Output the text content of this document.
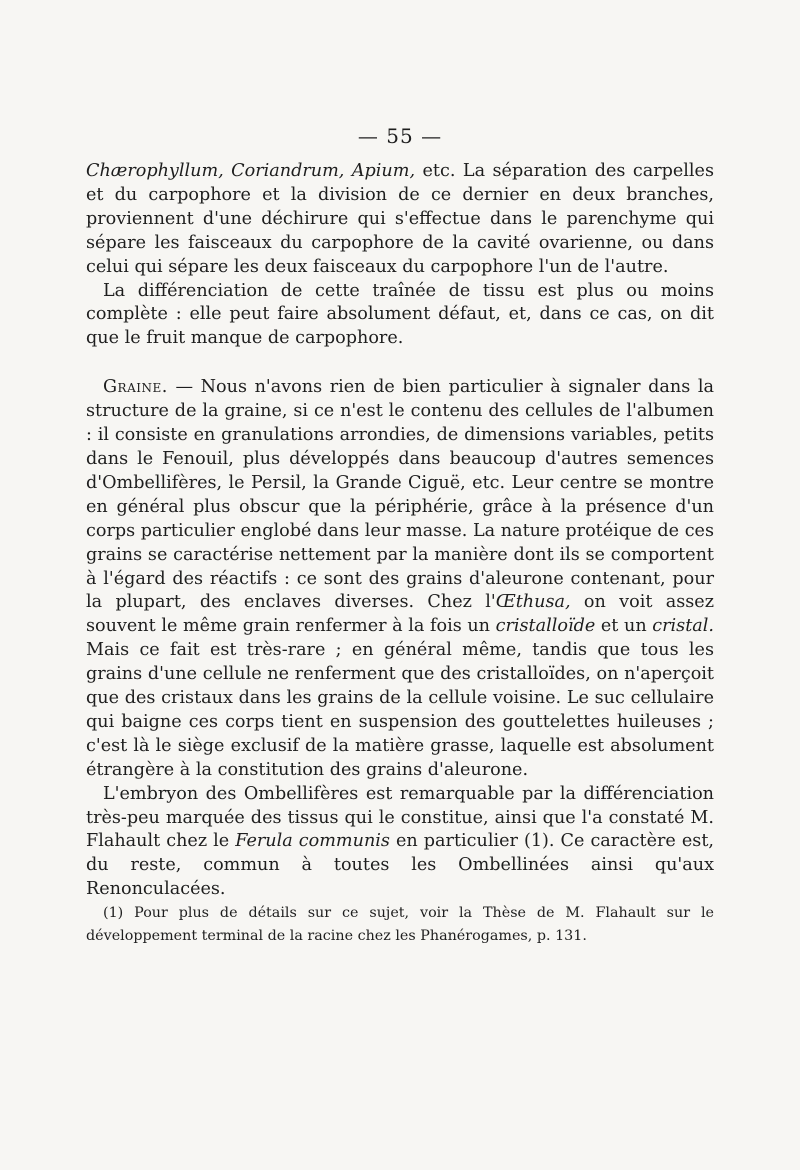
— 55 —

Chærophyllum, Coriandrum, Apium, etc. La séparation des carpelles et du carpophore et la division de ce dernier en deux branches, proviennent d'une déchirure qui s'effectue dans le parenchyme qui sépare les faisceaux du carpophore de la cavité ovarienne, ou dans celui qui sépare les deux faisceaux du carpophore l'un de l'autre.

La différenciation de cette traînée de tissu est plus ou moins complète : elle peut faire absolument défaut, et, dans ce cas, on dit que le fruit manque de carpophore.

Graine. — Nous n'avons rien de bien particulier à signaler dans la structure de la graine, si ce n'est le contenu des cellules de l'albumen : il consiste en granulations arrondies, de dimensions variables, petits dans le Fenouil, plus développés dans beaucoup d'autres semences d'Ombellifères, le Persil, la Grande Ciguë, etc. Leur centre se montre en général plus obscur que la périphérie, grâce à la présence d'un corps particulier englobé dans leur masse. La nature protéique de ces grains se caractérise nettement par la manière dont ils se comportent à l'égard des réactifs : ce sont des grains d'aleurone contenant, pour la plupart, des enclaves diverses. Chez l'Œthusa, on voit assez souvent le même grain renfermer à la fois un cristalloïde et un cristal. Mais ce fait est très-rare ; en général même, tandis que tous les grains d'une cellule ne renferment que des cristalloïdes, on n'aperçoit que des cristaux dans les grains de la cellule voisine. Le suc cellulaire qui baigne ces corps tient en suspension des gouttelettes huileuses ; c'est là le siège exclusif de la matière grasse, laquelle est absolument étrangère à la constitution des grains d'aleurone.

L'embryon des Ombellifères est remarquable par la différenciation très-peu marquée des tissus qui le constitue, ainsi que l'a constaté M. Flahault chez le Ferula communis en particulier (1). Ce caractère est, du reste, commun à toutes les Ombellinées ainsi qu'aux Renonculacées.

(1) Pour plus de détails sur ce sujet, voir la Thèse de M. Flahault sur le développement terminal de la racine chez les Phanérogames, p. 131.
